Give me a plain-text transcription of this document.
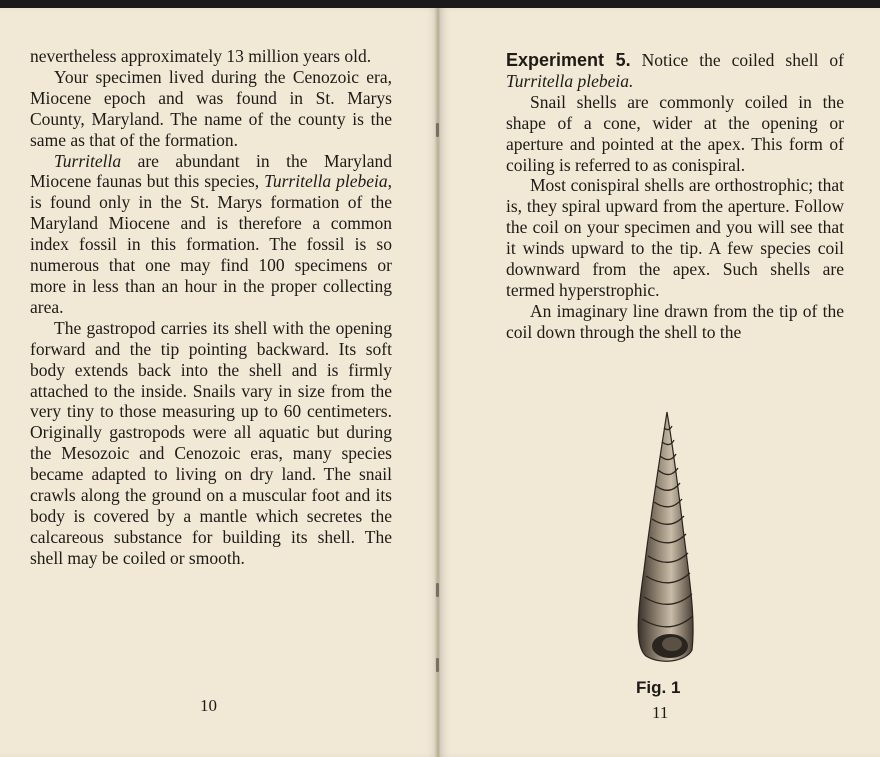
nevertheless approximately 13 million years old.

Your specimen lived during the Cenozoic era, Miocene epoch and was found in St. Marys County, Maryland. The name of the county is the same as that of the formation.

Turritella are abundant in the Maryland Miocene faunas but this species, Turritella plebeia, is found only in the St. Marys formation of the Maryland Miocene and is therefore a common index fossil in this formation. The fossil is so numerous that one may find 100 specimens or more in less than an hour in the proper collecting area.

The gastropod carries its shell with the opening forward and the tip pointing backward. Its soft body extends back into the shell and is firmly attached to the inside. Snails vary in size from the very tiny to those measuring up to 60 centimeters. Originally gastropods were all aquatic but during the Mesozoic and Cenozoic eras, many species became adapted to living on dry land. The snail crawls along the ground on a muscular foot and its body is covered by a mantle which secretes the calcareous substance for building its shell. The shell may be coiled or smooth.

10

Experiment 5. Notice the coiled shell of Turritella plebeia.

Snail shells are commonly coiled in the shape of a cone, wider at the opening or aperture and pointed at the apex. This form of coiling is referred to as conispiral.

Most conispiral shells are orthostrophic; that is, they spiral upward from the aperture. Follow the coil on your specimen and you will see that it winds upward to the tip. A few species coil downward from the apex. Such shells are termed hyperstrophic.

An imaginary line drawn from the tip of the coil down through the shell to the

Fig. 1
11
